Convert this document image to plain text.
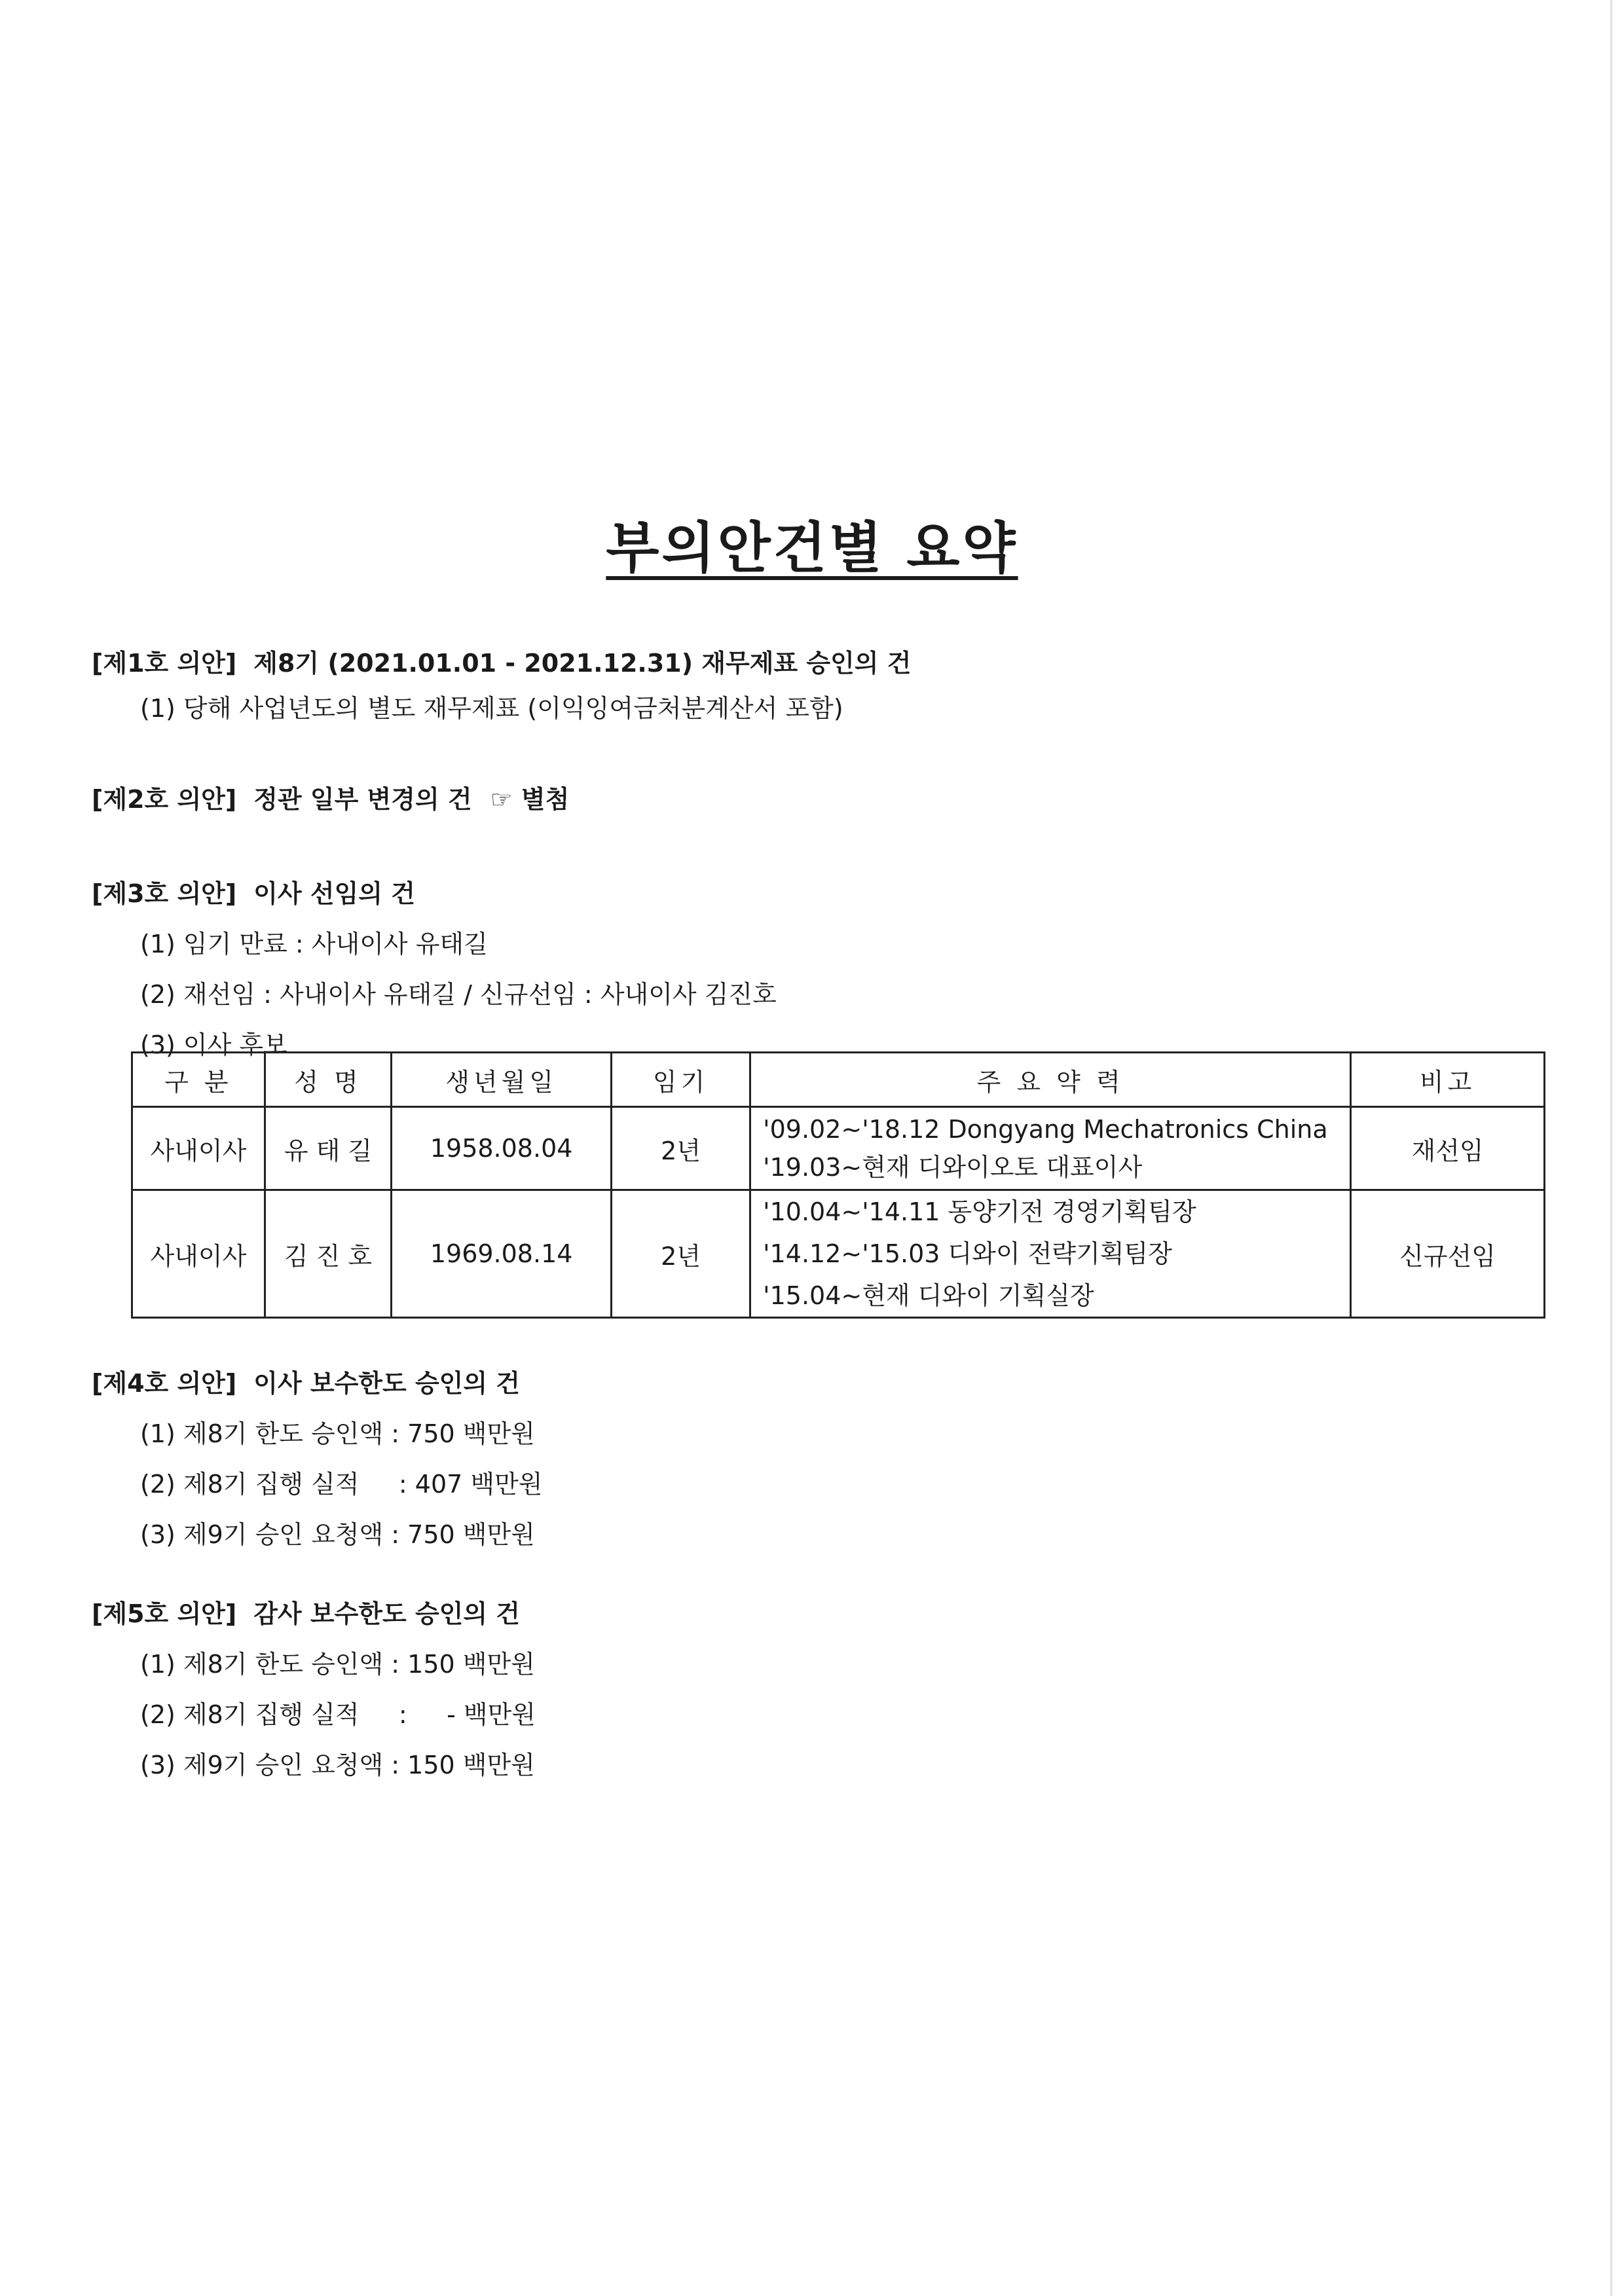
부의안건별 요약
[제1호 의안] 제8기 (2021.01.01 - 2021.12.31) 재무제표 승인의 건
(1) 당해 사업년도의 별도 재무제표 (이익잉여금처분계산서 포함)
[제2호 의안] 정관 일부 변경의 건 ☞ 별첨
[제3호 의안] 이사 선임의 건
(1) 임기 만료 : 사내이사 유태길
(2) 재선임 : 사내이사 유태길 / 신규선임 : 사내이사 김진호
(3) 이사 후보
구 분	성 명	생년월일	임기	주 요 약 력	비고
사내이사	유 태 길	1958.08.04	2년	'09.02~'18.12 Dongyang Mechatronics China
'19.03~현재 디와이오토 대표이사	재선임
사내이사	김 진 호	1969.08.14	2년	'10.04~'14.11 동양기전 경영기획팀장
'14.12~'15.03 디와이 전략기획팀장
'15.04~현재 디와이 기획실장	신규선임
[제4호 의안] 이사 보수한도 승인의 건
(1) 제8기 한도 승인액 : 750 백만원
(2) 제8기 집행 실적     : 407 백만원
(3) 제9기 승인 요청액 : 750 백만원
[제5호 의안] 감사 보수한도 승인의 건
(1) 제8기 한도 승인액 : 150 백만원
(2) 제8기 집행 실적     :     - 백만원
(3) 제9기 승인 요청액 : 150 백만원
